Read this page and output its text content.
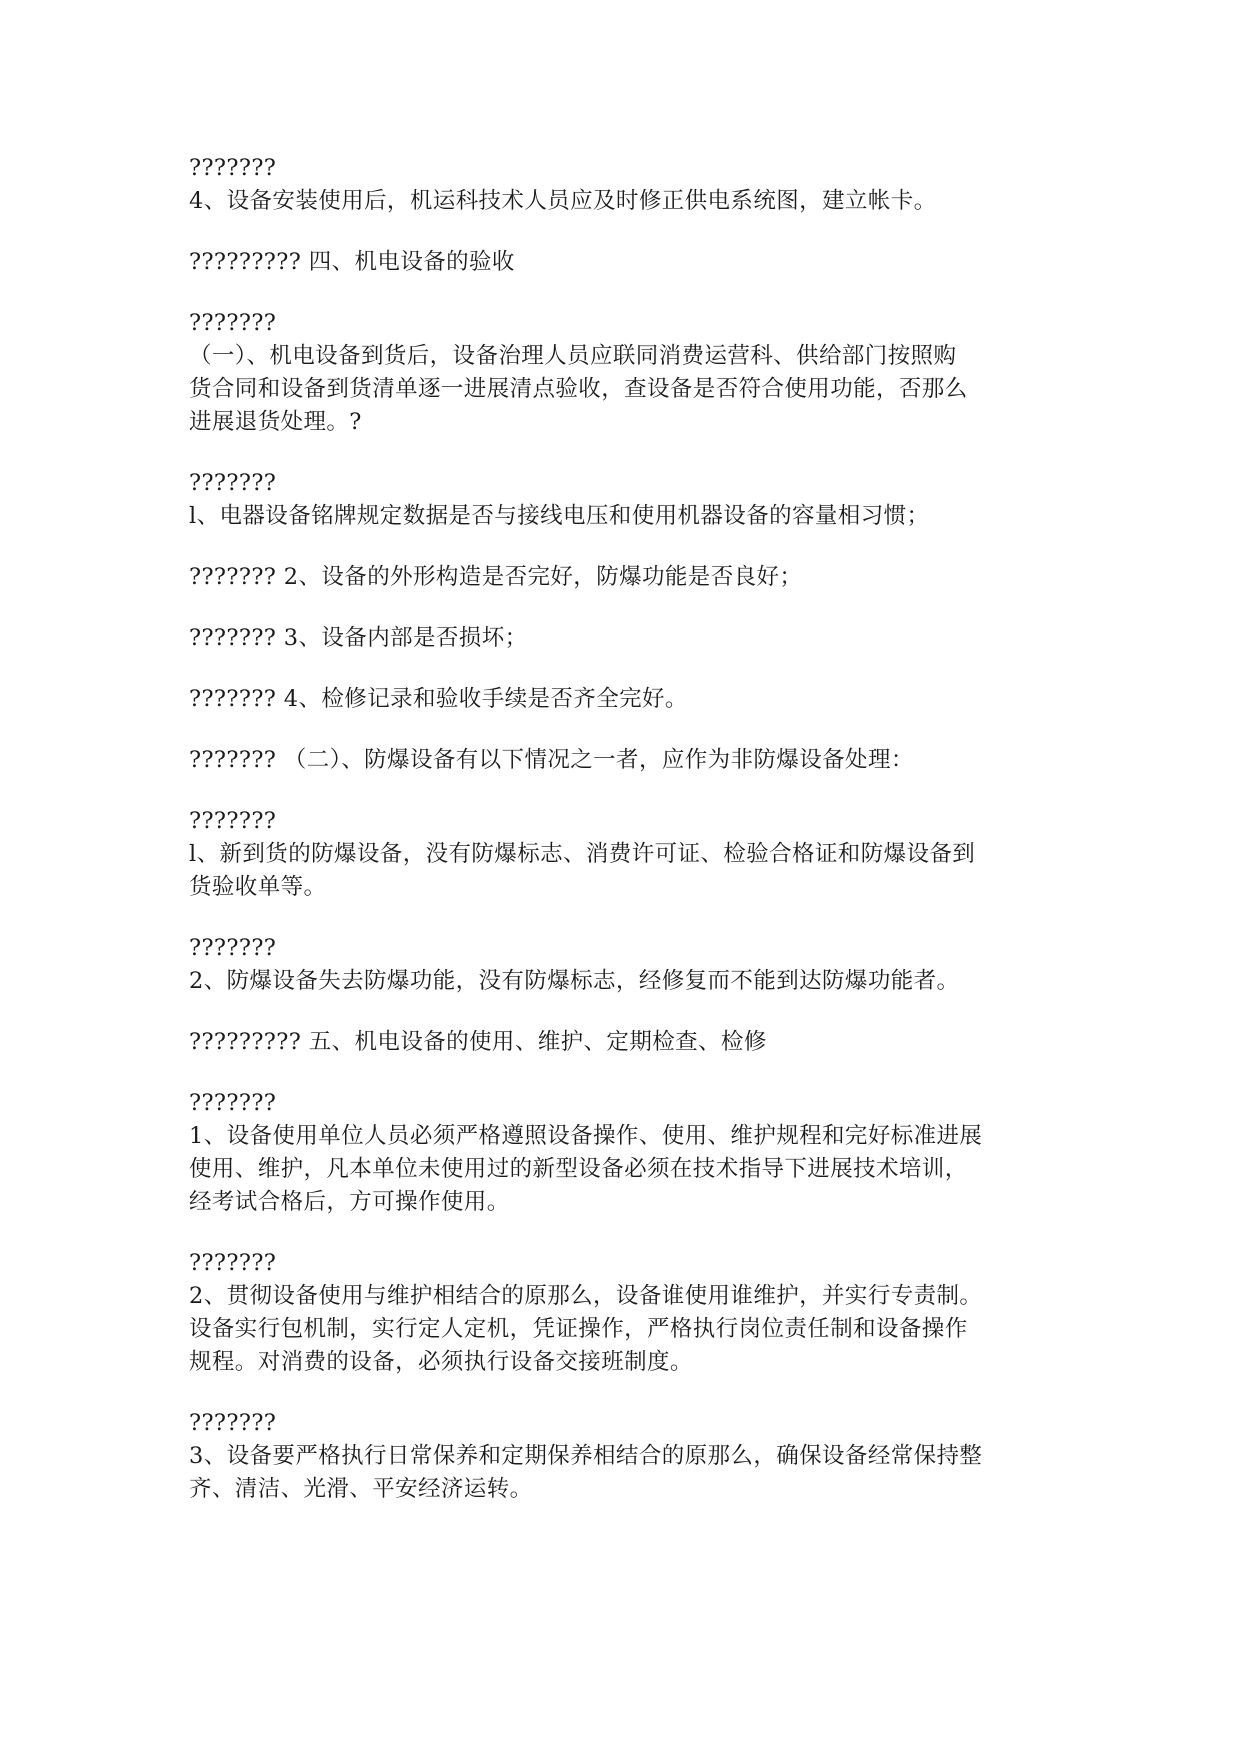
???????
4、设备安装使用后，机运科技术人员应及时修正供电系统图，建立帐卡。

????????? 四、机电设备的验收

???????
（一）、机电设备到货后，设备治理人员应联同消费运营科、供给部门按照购
货合同和设备到货清单逐一进展清点验收，查设备是否符合使用功能，否那么
进展退货处理。?

???????
l、电器设备铭牌规定数据是否与接线电压和使用机器设备的容量相习惯；

??????? 2、设备的外形构造是否完好，防爆功能是否良好；

??????? 3、设备内部是否损坏；

??????? 4、检修记录和验收手续是否齐全完好。

??????? （二）、防爆设备有以下情况之一者，应作为非防爆设备处理：

???????
l、新到货的防爆设备，没有防爆标志、消费许可证、检验合格证和防爆设备到
货验收单等。

???????
2、防爆设备失去防爆功能，没有防爆标志，经修复而不能到达防爆功能者。

????????? 五、机电设备的使用、维护、定期检查、检修

???????
1、设备使用单位人员必须严格遵照设备操作、使用、维护规程和完好标准进展
使用、维护，凡本单位未使用过的新型设备必须在技术指导下进展技术培训，
经考试合格后，方可操作使用。

???????
2、贯彻设备使用与维护相结合的原那么，设备谁使用谁维护，并实行专责制。
设备实行包机制，实行定人定机，凭证操作，严格执行岗位责任制和设备操作
规程。对消费的设备，必须执行设备交接班制度。

???????
3、设备要严格执行日常保养和定期保养相结合的原那么，确保设备经常保持整
齐、清洁、光滑、平安经济运转。
